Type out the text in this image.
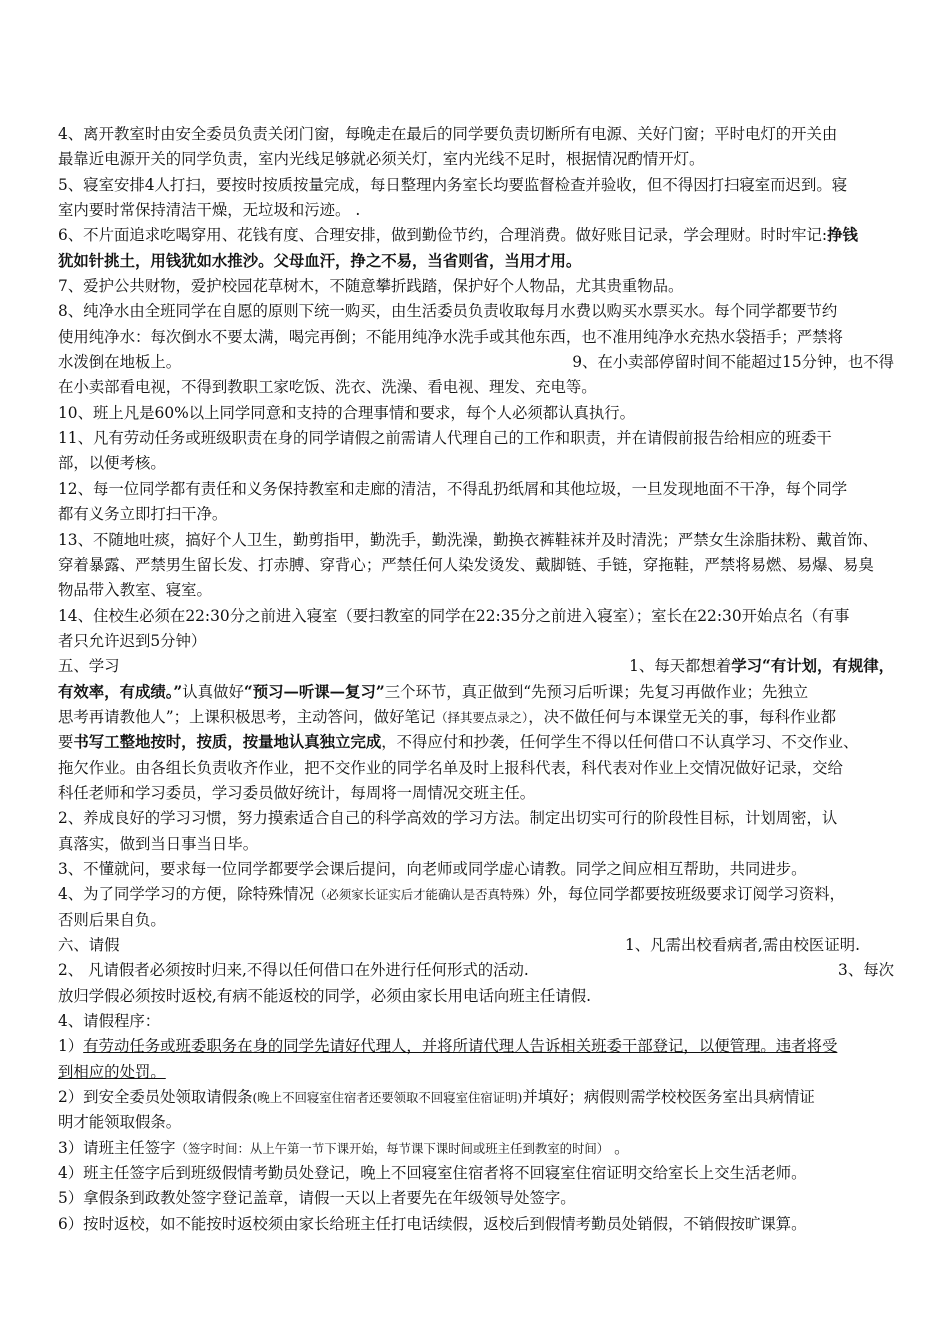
4、离开教室时由安全委员负责关闭门窗，每晚走在最后的同学要负责切断所有电源、关好门窗；平时电灯的开关由
最靠近电源开关的同学负责，室内光线足够就必须关灯，室内光线不足时，根据情况酌情开灯。
5、寝室安排4人打扫，要按时按质按量完成，每日整理内务室长均要监督检查并验收，但不得因打扫寝室而迟到。寝
室内要时常保持清洁干燥，无垃圾和污迹。 .
6、不片面追求吃喝穿用、花钱有度、合理安排，做到勤俭节约，合理消费。做好账目记录，学会理财。时时牢记:挣钱
犹如针挑土，用钱犹如水推沙。父母血汗，挣之不易，当省则省，当用才用。
7、爱护公共财物，爱护校园花草树木，不随意攀折践踏，保护好个人物品，尤其贵重物品。
8、纯净水由全班同学在自愿的原则下统一购买，由生活委员负责收取每月水费以购买水票买水。每个同学都要节约
使用纯净水：每次倒水不要太满，喝完再倒；不能用纯净水洗手或其他东西，也不准用纯净水充热水袋捂手；严禁将
水泼倒在地板上。	9、在小卖部停留时间不能超过15分钟，也不得
在小卖部看电视，不得到教职工家吃饭、洗衣、洗澡、看电视、理发、充电等。
10、班上凡是60%以上同学同意和支持的合理事情和要求，每个人必须都认真执行。
11、凡有劳动任务或班级职责在身的同学请假之前需请人代理自己的工作和职责，并在请假前报告给相应的班委干
部，以便考核。
12、每一位同学都有责任和义务保持教室和走廊的清洁，不得乱扔纸屑和其他垃圾，一旦发现地面不干净，每个同学
都有义务立即打扫干净。
13、不随地吐痰，搞好个人卫生，勤剪指甲，勤洗手，勤洗澡，勤换衣裤鞋袜并及时清洗；严禁女生涂脂抹粉、戴首饰、
穿着暴露、严禁男生留长发、打赤膊、穿背心；严禁任何人染发烫发、戴脚链、手链，穿拖鞋，严禁将易燃、易爆、易臭
物品带入教室、寝室。
14、住校生必须在22:30分之前进入寝室（要扫教室的同学在22:35分之前进入寝室）；室长在22:30开始点名（有事
者只允许迟到5分钟）
五、学习	1、每天都想着学习“有计划，有规律，
有效率，有成绩。”认真做好“预习—听课—复习”三个环节，真正做到“先预习后听课；先复习再做作业；先独立
思考再请教他人”；上课积极思考，主动答问，做好笔记（择其要点录之），决不做任何与本课堂无关的事，每科作业都
要书写工整地按时，按质，按量地认真独立完成，不得应付和抄袭，任何学生不得以任何借口不认真学习、不交作业、
拖欠作业。由各组长负责收齐作业，把不交作业的同学名单及时上报科代表，科代表对作业上交情况做好记录，交给
科任老师和学习委员，学习委员做好统计，每周将一周情况交班主任。
2、养成良好的学习习惯，努力摸索适合自己的科学高效的学习方法。制定出切实可行的阶段性目标，计划周密，认
真落实，做到当日事当日毕。
3、不懂就问，要求每一位同学都要学会课后提问，向老师或同学虚心请教。同学之间应相互帮助，共同进步。
4、为了同学学习的方便，除特殊情况（必须家长证实后才能确认是否真特殊）外，每位同学都要按班级要求订阅学习资料，
否则后果自负。
六、请假	1、凡需出校看病者,需由校医证明.
2、 凡请假者必须按时归来,不得以任何借口在外进行任何形式的活动.	3、每次
放归学假必须按时返校,有病不能返校的同学，必须由家长用电话向班主任请假.
4、请假程序：
1）有劳动任务或班委职务在身的同学先请好代理人，并将所请代理人告诉相关班委干部登记，以便管理。违者将受
到相应的处罚。
2）到安全委员处领取请假条(晚上不回寝室住宿者还要领取不回寝室住宿证明)并填好；病假则需学校校医务室出具病情证
明才能领取假条。
3）请班主任签字（签字时间：从上午第一节下课开始，每节课下课时间或班主任到教室的时间） 。
4）班主任签字后到班级假情考勤员处登记，晚上不回寝室住宿者将不回寝室住宿证明交给室长上交生活老师。
5）拿假条到政教处签字登记盖章，请假一天以上者要先在年级领导处签字。
6）按时返校，如不能按时返校须由家长给班主任打电话续假，返校后到假情考勤员处销假，不销假按旷课算。
